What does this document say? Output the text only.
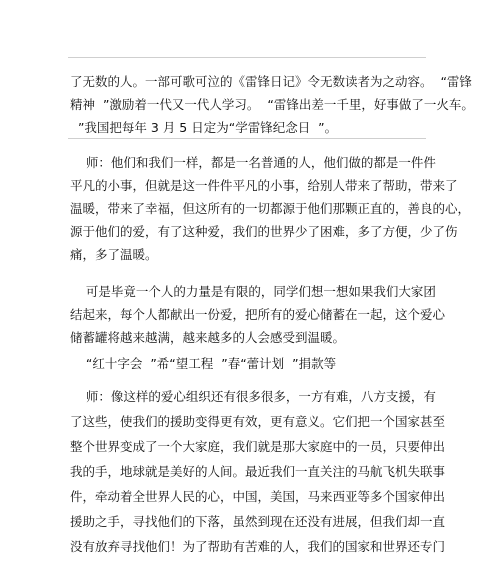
了无数的人。一部可歌可泣的《雷锋日记》令无数读者为之动容。  “雷锋
精神  ”激励着一代又一代人学习。  “雷锋出差一千里，好事做了一火车。
”我国把每年 3 月 5 日定为“学雷锋纪念日  ”。
师：他们和我们一样，都是一名普通的人，他们做的都是一件件
平凡的小事，但就是这一件件平凡的小事，给别人带来了帮助，带来了
温暖，带来了幸福，但这所有的一切都源于他们那颗正直的，善良的心，
源于他们的爱，有了这种爱，我们的世界少了困难，多了方便，少了伤
痛，多了温暖。
可是毕竟一个人的力量是有限的，同学们想一想如果我们大家团
结起来，每个人都献出一份爱，把所有的爱心储蓄在一起，这个爱心
储蓄罐将越来越满，越来越多的人会感受到温暖。
“红十字会  ”希“望工程  ”春“蕾计划  ”捐款等
师：像这样的爱心组织还有很多很多，一方有难，八方支援，有
了这些，使我们的援助变得更有效，更有意义。它们把一个国家甚至
整个世界变成了一个大家庭，我们就是那大家庭中的一员，只要伸出
我的手，地球就是美好的人间。最近我们一直关注的马航飞机失联事
件，牵动着全世界人民的心，中国，美国，马来西亚等多个国家伸出
援助之手，寻找他们的下落，虽然到现在还没有进展，但我们却一直
没有放弃寻找他们！为了帮助有苦难的人，我们的国家和世界还专门
